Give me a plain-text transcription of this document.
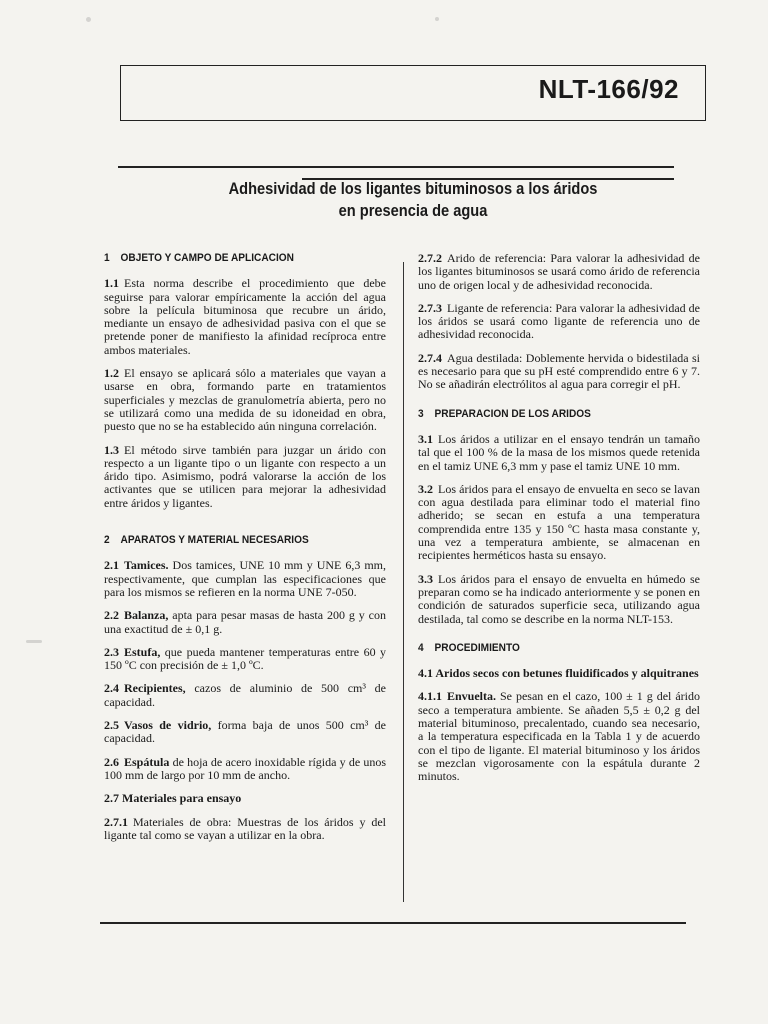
NLT-166/92
Adhesividad de los ligantes bituminosos a los áridos
en presencia de agua
1 OBJETO Y CAMPO DE APLICACION

1.1 Esta norma describe el procedimiento que debe seguirse para valorar empíricamente la acción del agua sobre la película bituminosa que recubre un árido, mediante un ensayo de adhesividad pasiva con el que se pretende poner de manifiesto la afinidad recíproca entre ambos materiales.

1.2 El ensayo se aplicará sólo a materiales que vayan a usarse en obra, formando parte en tratamientos superficiales y mezclas de granulometría abierta, pero no se utilizará como una medida de su idoneidad en obra, puesto que no se ha establecido aún ninguna correlación.

1.3 El método sirve también para juzgar un árido con respecto a un ligante tipo o un ligante con respecto a un árido tipo. Asimismo, podrá valorarse la acción de los activantes que se utilicen para mejorar la adhesividad entre áridos y ligantes.

2 APARATOS Y MATERIAL NECESARIOS

2.1 Tamices. Dos tamices, UNE 10 mm y UNE 6,3 mm, respectivamente, que cumplan las especificaciones que para los mismos se refieren en la norma UNE 7-050.

2.2 Balanza, apta para pesar masas de hasta 200 g y con una exactitud de ± 0,1 g.

2.3 Estufa, que pueda mantener temperaturas entre 60 y 150 ºC con precisión de ± 1,0 ºC.

2.4 Recipientes, cazos de aluminio de 500 cm³ de capacidad.

2.5 Vasos de vidrio, forma baja de unos 500 cm³ de capacidad.

2.6 Espátula de hoja de acero inoxidable rígida y de unos 100 mm de largo por 10 mm de ancho.

2.7 Materiales para ensayo

2.7.1 Materiales de obra: Muestras de los áridos y del ligante tal como se vayan a utilizar en la obra.

2.7.2 Arido de referencia: Para valorar la adhesividad de los ligantes bituminosos se usará como árido de referencia uno de origen local y de adhesividad reconocida.

2.7.3 Ligante de referencia: Para valorar la adhesividad de los áridos se usará como ligante de referencia uno de adhesividad reconocida.

2.7.4 Agua destilada: Doblemente hervida o bidestilada si es necesario para que su pH esté comprendido entre 6 y 7. No se añadirán electrólitos al agua para corregir el pH.

3 PREPARACION DE LOS ARIDOS

3.1 Los áridos a utilizar en el ensayo tendrán un tamaño tal que el 100 % de la masa de los mismos quede retenida en el tamiz UNE 6,3 mm y pase el tamiz UNE 10 mm.

3.2 Los áridos para el ensayo de envuelta en seco se lavan con agua destilada para eliminar todo el material fino adherido; se secan en estufa a una temperatura comprendida entre 135 y 150 ºC hasta masa constante y, una vez a temperatura ambiente, se almacenan en recipientes herméticos hasta su ensayo.

3.3 Los áridos para el ensayo de envuelta en húmedo se preparan como se ha indicado anteriormente y se ponen en condición de saturados superficie seca, utilizando agua destilada, tal como se describe en la norma NLT-153.

4 PROCEDIMIENTO

4.1 Aridos secos con betunes fluidificados y alquitranes

4.1.1 Envuelta. Se pesan en el cazo, 100 ± 1 g del árido seco a temperatura ambiente. Se añaden 5,5 ± 0,2 g del material bituminoso, precalentado, cuando sea necesario, a la temperatura especificada en la Tabla 1 y de acuerdo con el tipo de ligante. El material bituminoso y los áridos se mezclan vigorosamente con la espátula durante 2 minutos.
